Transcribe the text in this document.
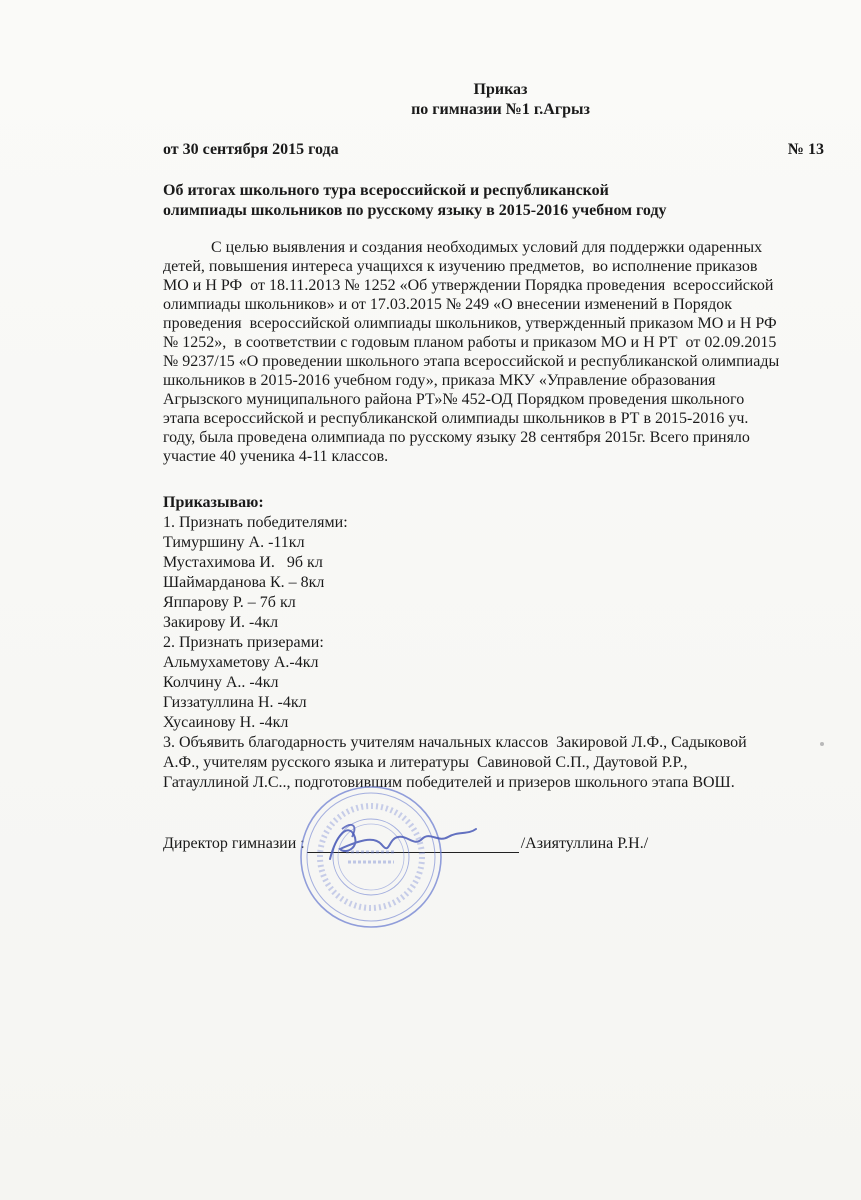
Приказ
по гимназии №1 г.Агрыз
от 30 сентября 2015 года	№ 13
Об итогах школьного тура всероссийской и республиканской
олимпиады школьников по русскому языку в 2015-2016 учебном году
С целью выявления и создания необходимых условий для поддержки одаренных
детей, повышения интереса учащихся к изучению предметов,  во исполнение приказов
МО и Н РФ  от 18.11.2013 № 1252 «Об утверждении Порядка проведения  всероссийской
олимпиады школьников» и от 17.03.2015 № 249 «О внесении изменений в Порядок
проведения  всероссийской олимпиады школьников, утвержденный приказом МО и Н РФ
№ 1252»,  в соответствии с годовым планом работы и приказом МО и Н РТ  от 02.09.2015
№ 9237/15 «О проведении школьного этапа всероссийской и республиканской олимпиады
школьников в 2015-2016 учебном году», приказа МКУ «Управление образования
Агрызского муниципального района РТ»№ 452-ОД Порядком проведения школьного
этапа всероссийской и республиканской олимпиады школьников в РТ в 2015-2016 уч.
году, была проведена олимпиада по русскому языку 28 сентября 2015г. Всего приняло
участие 40 ученика 4-11 классов.
Приказываю:
1. Признать победителями:
Тимуршину А. -11кл
Мустахимова И.   9б кл
Шаймарданова К. – 8кл
Яппарову Р. – 7б кл
Закирову И. -4кл
2. Признать призерами:
Альмухаметову А.-4кл
Колчину А.. -4кл
Гиззатуллина Н. -4кл
Хусаинову Н. -4кл
3. Объявить благодарность учителям начальных классов  Закировой Л.Ф., Садыковой
А.Ф., учителям русского языка и литературы  Савиновой С.П., Даутовой Р.Р.,
Гатауллиной Л.С.., подготовившим победителей и призеров школьного этапа ВОШ.
Директор гимназии :	/Азиятуллина Р.Н./
